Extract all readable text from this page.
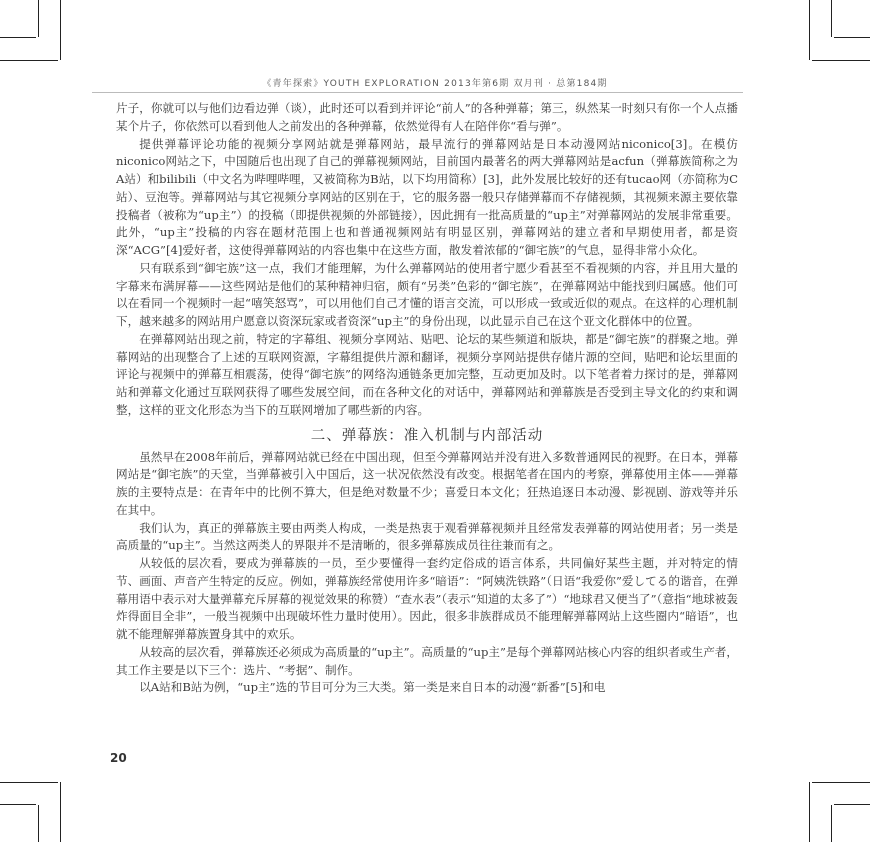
《青年探索》YOUTH EXPLORATION 2013年第6期 双月刊 · 总第184期

片子，你就可以与他们边看边弹（谈），此时还可以看到并评论“前人”的各种弹幕；第三，纵然某一时刻只有你一个人点播某个片子，你依然可以看到他人之前发出的各种弹幕，依然觉得有人在陪伴你“看与弹”。

提供弹幕评论功能的视频分享网站就是弹幕网站，最早流行的弹幕网站是日本动漫网站niconico[3]。在模仿niconico网站之下，中国随后也出现了自己的弹幕视频网站，目前国内最著名的两大弹幕网站是acfun（弹幕族简称之为A站）和bilibili（中文名为哔哩哔哩，又被简称为B站，以下均用简称）[3]，此外发展比较好的还有tucao网（亦简称为C站）、豆泡等。弹幕网站与其它视频分享网站的区别在于，它的服务器一般只存储弹幕而不存储视频，其视频来源主要依靠投稿者（被称为“up主”）的投稿（即提供视频的外部链接），因此拥有一批高质量的“up主”对弹幕网站的发展非常重要。此外，“up主”投稿的内容在题材范围上也和普通视频网站有明显区别，弹幕网站的建立者和早期使用者，都是资深“ACG”[4]爱好者，这使得弹幕网站的内容也集中在这些方面，散发着浓郁的“御宅族”的气息，显得非常小众化。

只有联系到“御宅族”这一点，我们才能理解，为什么弹幕网站的使用者宁愿少看甚至不看视频的内容，并且用大量的字幕来布满屏幕——这些网站是他们的某种精神归宿，颇有“另类”色彩的“御宅族”，在弹幕网站中能找到归属感。他们可以在看同一个视频时一起“嘻笑怒骂”，可以用他们自己才懂的语言交流，可以形成一致或近似的观点。在这样的心理机制下，越来越多的网站用户愿意以资深玩家或者资深“up主”的身份出现，以此显示自己在这个亚文化群体中的位置。

在弹幕网站出现之前，特定的字幕组、视频分享网站、贴吧、论坛的某些频道和版块，都是“御宅族”的群聚之地。弹幕网站的出现整合了上述的互联网资源，字幕组提供片源和翻译，视频分享网站提供存储片源的空间，贴吧和论坛里面的评论与视频中的弹幕互相震荡，使得“御宅族”的网络沟通链条更加完整，互动更加及时。以下笔者着力探讨的是，弹幕网站和弹幕文化通过互联网获得了哪些发展空间，而在各种文化的对话中，弹幕网站和弹幕族是否受到主导文化的约束和调整，这样的亚文化形态为当下的互联网增加了哪些新的内容。

二、弹幕族：准入机制与内部活动

虽然早在2008年前后，弹幕网站就已经在中国出现，但至今弹幕网站并没有进入多数普通网民的视野。在日本，弹幕网站是“御宅族”的天堂，当弹幕被引入中国后，这一状况依然没有改变。根据笔者在国内的考察，弹幕使用主体——弹幕族的主要特点是：在青年中的比例不算大，但是绝对数量不少；喜爱日本文化；狂热追逐日本动漫、影视剧、游戏等并乐在其中。

我们认为，真正的弹幕族主要由两类人构成，一类是热衷于观看弹幕视频并且经常发表弹幕的网站使用者；另一类是高质量的“up主”。当然这两类人的界限并不是清晰的，很多弹幕族成员往往兼而有之。

从较低的层次看，要成为弹幕族的一员，至少要懂得一套约定俗成的语言体系，共同偏好某些主题，并对特定的情节、画面、声音产生特定的反应。例如，弹幕族经常使用许多“暗语”：“阿姨洗铁路”（日语“我爱你”爱してる的谐音，在弹幕用语中表示对大量弹幕充斥屏幕的视觉效果的称赞）“查水表”（表示“知道的太多了”）“地球君又便当了”（意指“地球被轰炸得面目全非”，一般当视频中出现破坏性力量时使用）。因此，很多非族群成员不能理解弹幕网站上这些圈内“暗语”，也就不能理解弹幕族置身其中的欢乐。

从较高的层次看，弹幕族还必须成为高质量的“up主”。高质量的“up主”是每个弹幕网站核心内容的组织者或生产者，其工作主要是以下三个：选片、“考据”、制作。

以A站和B站为例，“up主”选的节目可分为三大类。第一类是来自日本的动漫“新番”[5]和电

20
